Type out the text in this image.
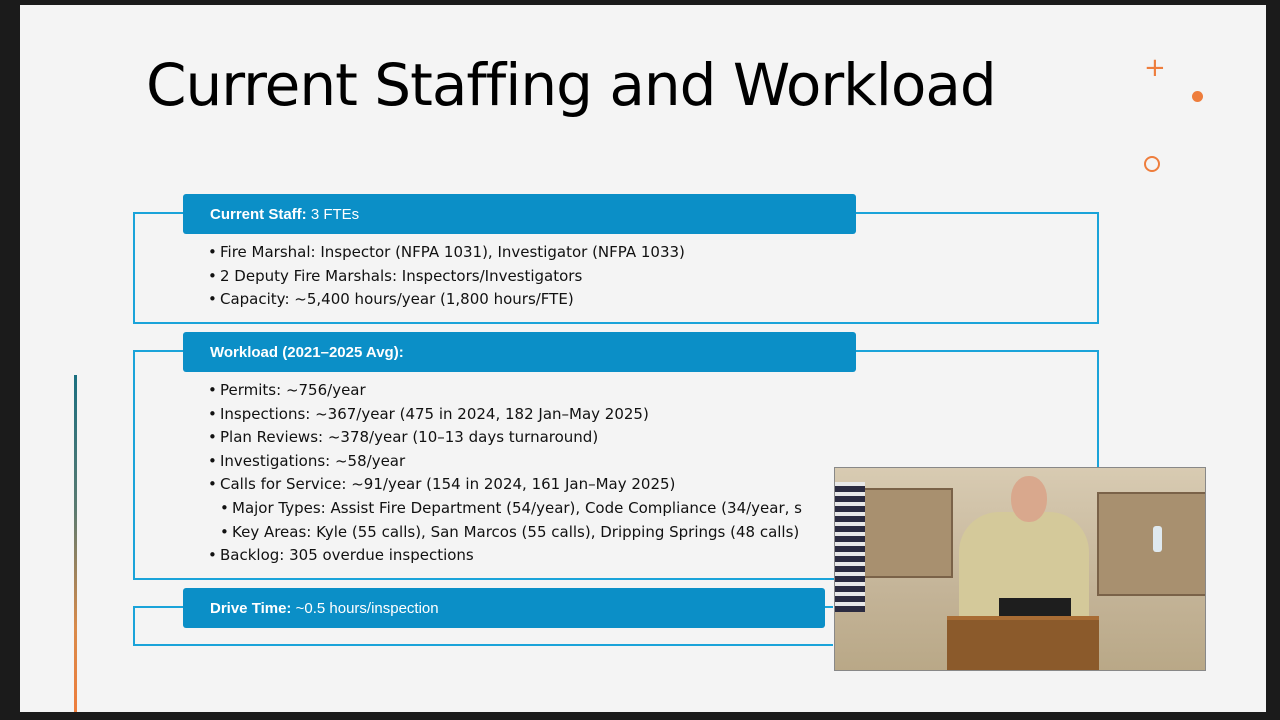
Current Staffing and Workload	+
Current Staff: 3 FTEs
• Fire Marshal: Inspector (NFPA 1031), Investigator (NFPA 1033)
• 2 Deputy Fire Marshals: Inspectors/Investigators
• Capacity: ~5,400 hours/year (1,800 hours/FTE)
Workload (2021–2025 Avg):
• Permits: ~756/year
• Inspections: ~367/year (475 in 2024, 182 Jan–May 2025)
• Plan Reviews: ~378/year (10–13 days turnaround)
• Investigations: ~58/year
• Calls for Service: ~91/year (154 in 2024, 161 Jan–May 2025)
• Major Types: Assist Fire Department (54/year), Code Compliance (34/year, s
• Key Areas: Kyle (55 calls), San Marcos (55 calls), Dripping Springs (48 calls)
• Backlog: 305 overdue inspections
Drive Time: ~0.5 hours/inspection
